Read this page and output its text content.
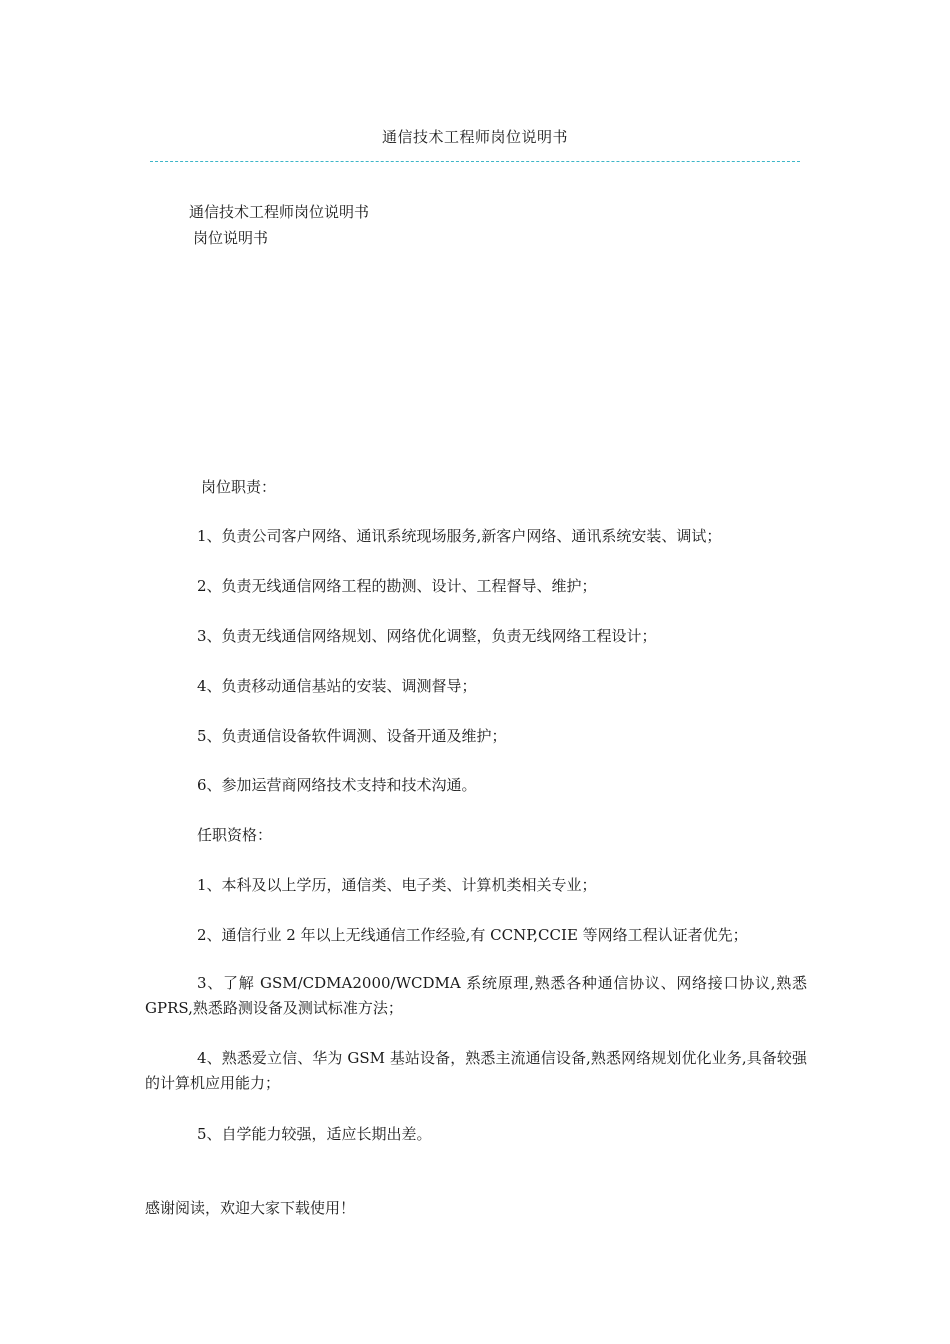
通信技术工程师岗位说明书
通信技术工程师岗位说明书
岗位说明书
岗位职责：
1、负责公司客户网络、通讯系统现场服务,新客户网络、通讯系统安装、调试；
2、负责无线通信网络工程的勘测、设计、工程督导、维护；
3、负责无线通信网络规划、网络优化调整，负责无线网络工程设计；
4、负责移动通信基站的安装、调测督导；
5、负责通信设备软件调测、设备开通及维护；
6、参加运营商网络技术支持和技术沟通。
任职资格：
1、本科及以上学历，通信类、电子类、计算机类相关专业；
2、通信行业 2 年以上无线通信工作经验,有 CCNP,CCIE 等网络工程认证者优先；
3、了解 GSM/CDMA2000/WCDMA 系统原理,熟悉各种通信协议、网络接口协议,熟悉 GPRS,熟悉路测设备及测试标准方法；
4、熟悉爱立信、华为 GSM 基站设备，熟悉主流通信设备,熟悉网络规划优化业务,具备较强的计算机应用能力；
5、自学能力较强，适应长期出差。
感谢阅读，欢迎大家下载使用！
